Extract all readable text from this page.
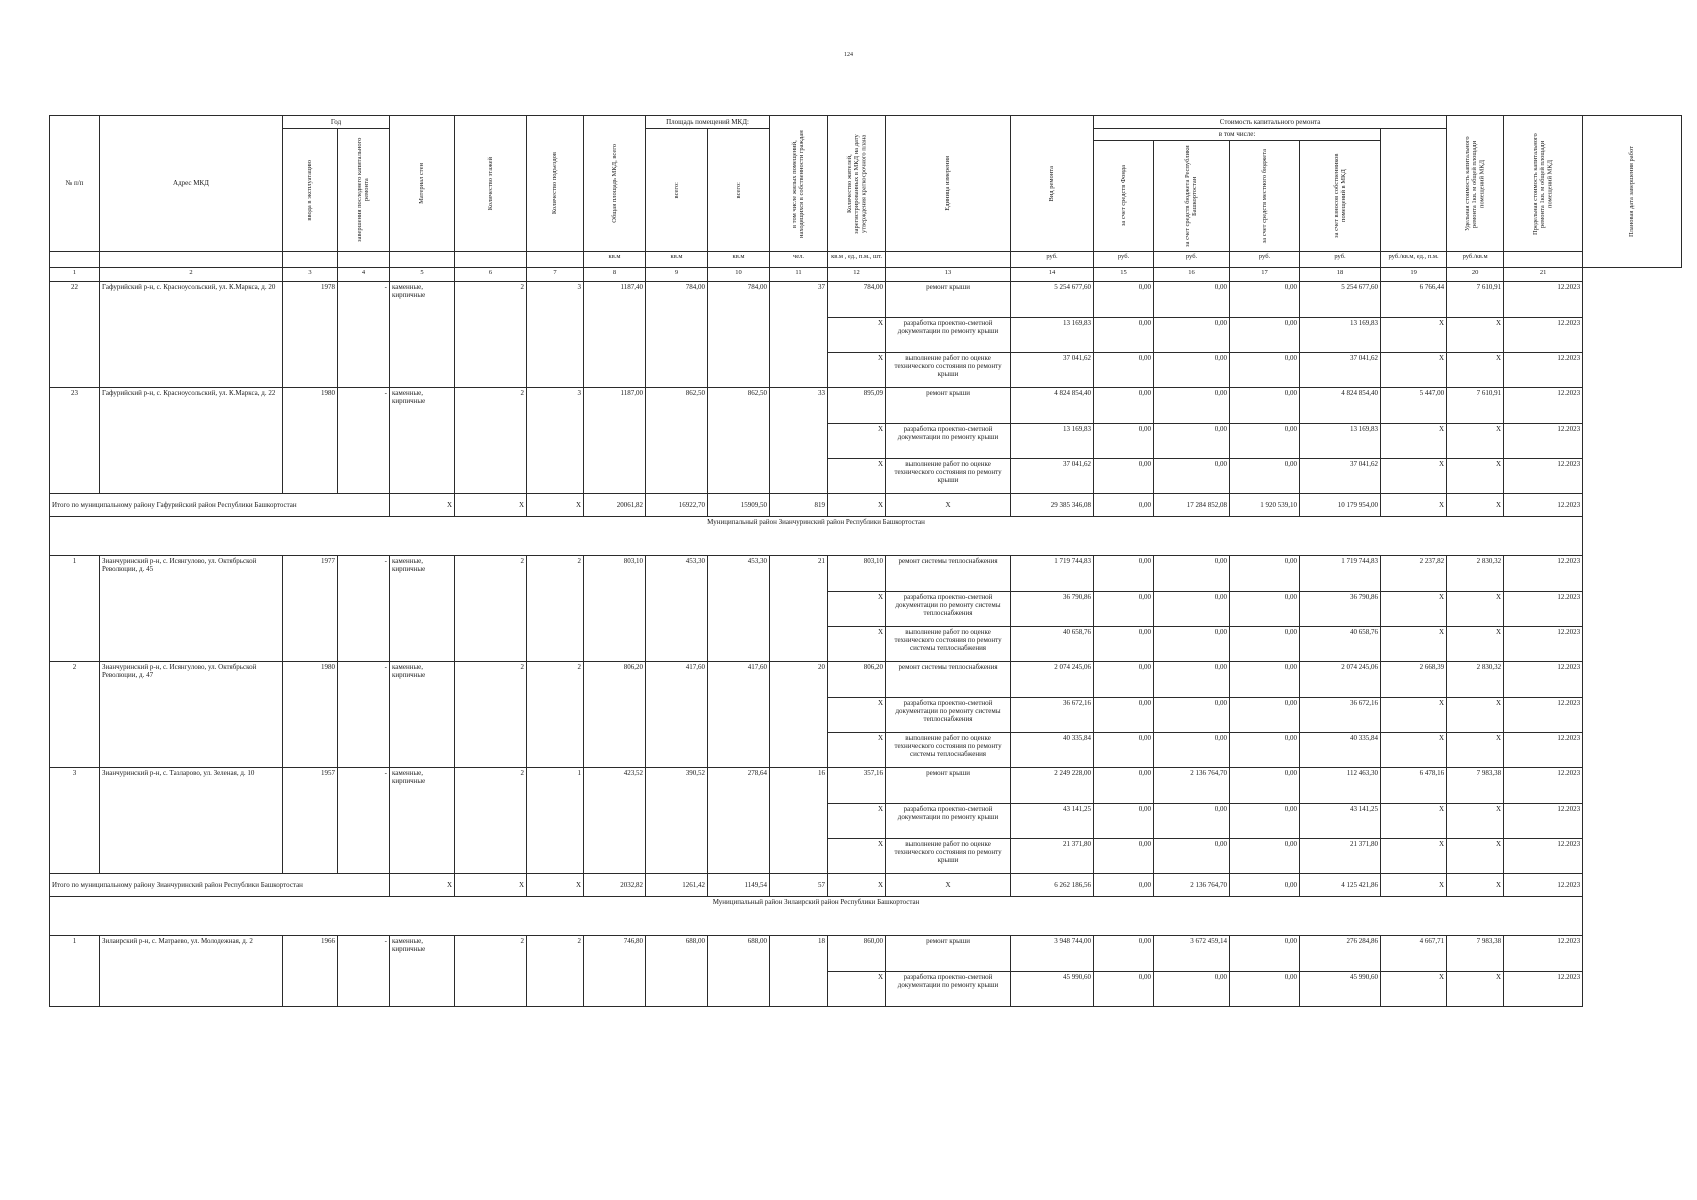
124
№ п/п	Адрес МКД	Год		Материал стен	Количество этажей	Количество подъездов	Общая площадь МКД, всего	Площадь помещений МКД:		в том числе жилых помещений, находящихся в собственности граждан	Количество жителей, зарегистрированных в МКД на дату утверждения краткосрочного плана	Единица измерения	Вид ремонта	Стоимость капитального ремонта					Удельная стоимость капитального ремонта 1кв. м общей площади помещений МКД	Предельная стоимость капитального ремонта 1кв. м общей площади помещений МКД	Плановая дата завершения работ

		ввода в эксплуатацию	завершения последнего капитального ремонта					всего:	всего:					в том числе:							

														за счет средств Фонда	за счет средств бюджета Республики Башкортостан	за счет средств местного бюджета	за счет взносов собственников помещений в МКД				

							кв.м	кв.м	кв.м	чел.	кв.м , ед., п.м., шт.		руб.	руб.	руб.	руб.	руб.	руб./кв.м, ед., п.м.	руб./кв.м		
1	2	3	4	5	6	7	8	9	10	11	12	13	14	15	16	17	18	19	20	21	
22	Гафурийский р-н, с. Красноусольский, ул. К.Маркса, д. 20	1978	-	каменные, кирпичные	2	3	1187,40	784,00	784,00	37	784,00	ремонт крыши	5 254 677,60	0,00	0,00	0,00	5 254 677,60	6 766,44	7 610,91	12.2023	
											X	разработка проектно-сметной документации по ремонту крыши	13 169,83	0,00	0,00	0,00	13 169,83	X	X	12.2023	
											X	выполнение работ по оценке технического состояния по ремонту крыши	37 041,62	0,00	0,00	0,00	37 041,62	X	X	12.2023	
23	Гафурийский р-н, с. Красноусольский, ул. К.Маркса, д. 22	1980	-	каменные, кирпичные	2	3	1187,00	862,50	862,50	33	895,09	ремонт крыши	4 824 854,40	0,00	0,00	0,00	4 824 854,40	5 447,00	7 610,91	12.2023	
											X	разработка проектно-сметной документации по ремонту крыши	13 169,83	0,00	0,00	0,00	13 169,83	X	X	12.2023	
											X	выполнение работ по оценке технического состояния по ремонту крыши	37 041,62	0,00	0,00	0,00	37 041,62	X	X	12.2023	
Итого по муниципальному району Гафурийский район Республики Башкортостан				X	X	X	20061,82	16922,70	15909,50	819	X	X	29 385 346,08	0,00	17 284 852,08	1 920 539,10	10 179 954,00	X	X	12.2023	
Муниципальный район Зианчуринский район Республики Башкортостан																					
1	Зианчуринский р-н, с. Исянгулово, ул. Октябрьской Революции, д. 45	1977	-	каменные, кирпичные	2	2	803,10	453,30	453,30	21	803,10	ремонт системы теплоснабжения	1 719 744,83	0,00	0,00	0,00	1 719 744,83	2 237,82	2 830,32	12.2023	
											X	разработка проектно-сметной документации по ремонту системы теплоснабжения	36 790,86	0,00	0,00	0,00	36 790,86	X	X	12.2023	
											X	выполнение работ по оценке технического состояния по ремонту системы теплоснабжения	40 658,76	0,00	0,00	0,00	40 658,76	X	X	12.2023	
2	Зианчуринский р-н, с. Исянгулово, ул. Октябрьской Революции, д. 47	1980	-	каменные, кирпичные	2	2	806,20	417,60	417,60	20	806,20	ремонт системы теплоснабжения	2 074 245,06	0,00	0,00	0,00	2 074 245,06	2 668,39	2 830,32	12.2023	
											X	разработка проектно-сметной документации по ремонту системы теплоснабжения	36 672,16	0,00	0,00	0,00	36 672,16	X	X	12.2023	
											X	выполнение работ по оценке технического состояния по ремонту системы теплоснабжения	40 335,84	0,00	0,00	0,00	40 335,84	X	X	12.2023	
3	Зианчуринский р-н, с. Тазларово, ул. Зеленая, д. 10	1957	-	каменные, кирпичные	2	1	423,52	390,52	278,64	16	357,16	ремонт крыши	2 249 228,00	0,00	2 136 764,70	0,00	112 463,30	6 478,16	7 983,38	12.2023	
											X	разработка проектно-сметной документации по ремонту крыши	43 141,25	0,00	0,00	0,00	43 141,25	X	X	12.2023	
											X	выполнение работ по оценке технического состояния по ремонту крыши	21 371,80	0,00	0,00	0,00	21 371,80	X	X	12.2023	
Итого по муниципальному району Зианчуринский район Республики Башкортостан				X	X	X	2032,82	1261,42	1149,54	57	X	X	6 262 186,56	0,00	2 136 764,70	0,00	4 125 421,86	X	X	12.2023	
Муниципальный район Зилаирский район Республики Башкортостан																					
1	Зилаирский р-н, с. Матраево, ул. Молодежная, д. 2	1966	-	каменные, кирпичные	2	2	746,80	688,00	688,00	18	860,00	ремонт крыши	3 948 744,00	0,00	3 672 459,14	0,00	276 284,86	4 667,71	7 983,38	12.2023	
											X	разработка проектно-сметной документации по ремонту крыши	45 990,60	0,00	0,00	0,00	45 990,60	X	X	12.2023	
